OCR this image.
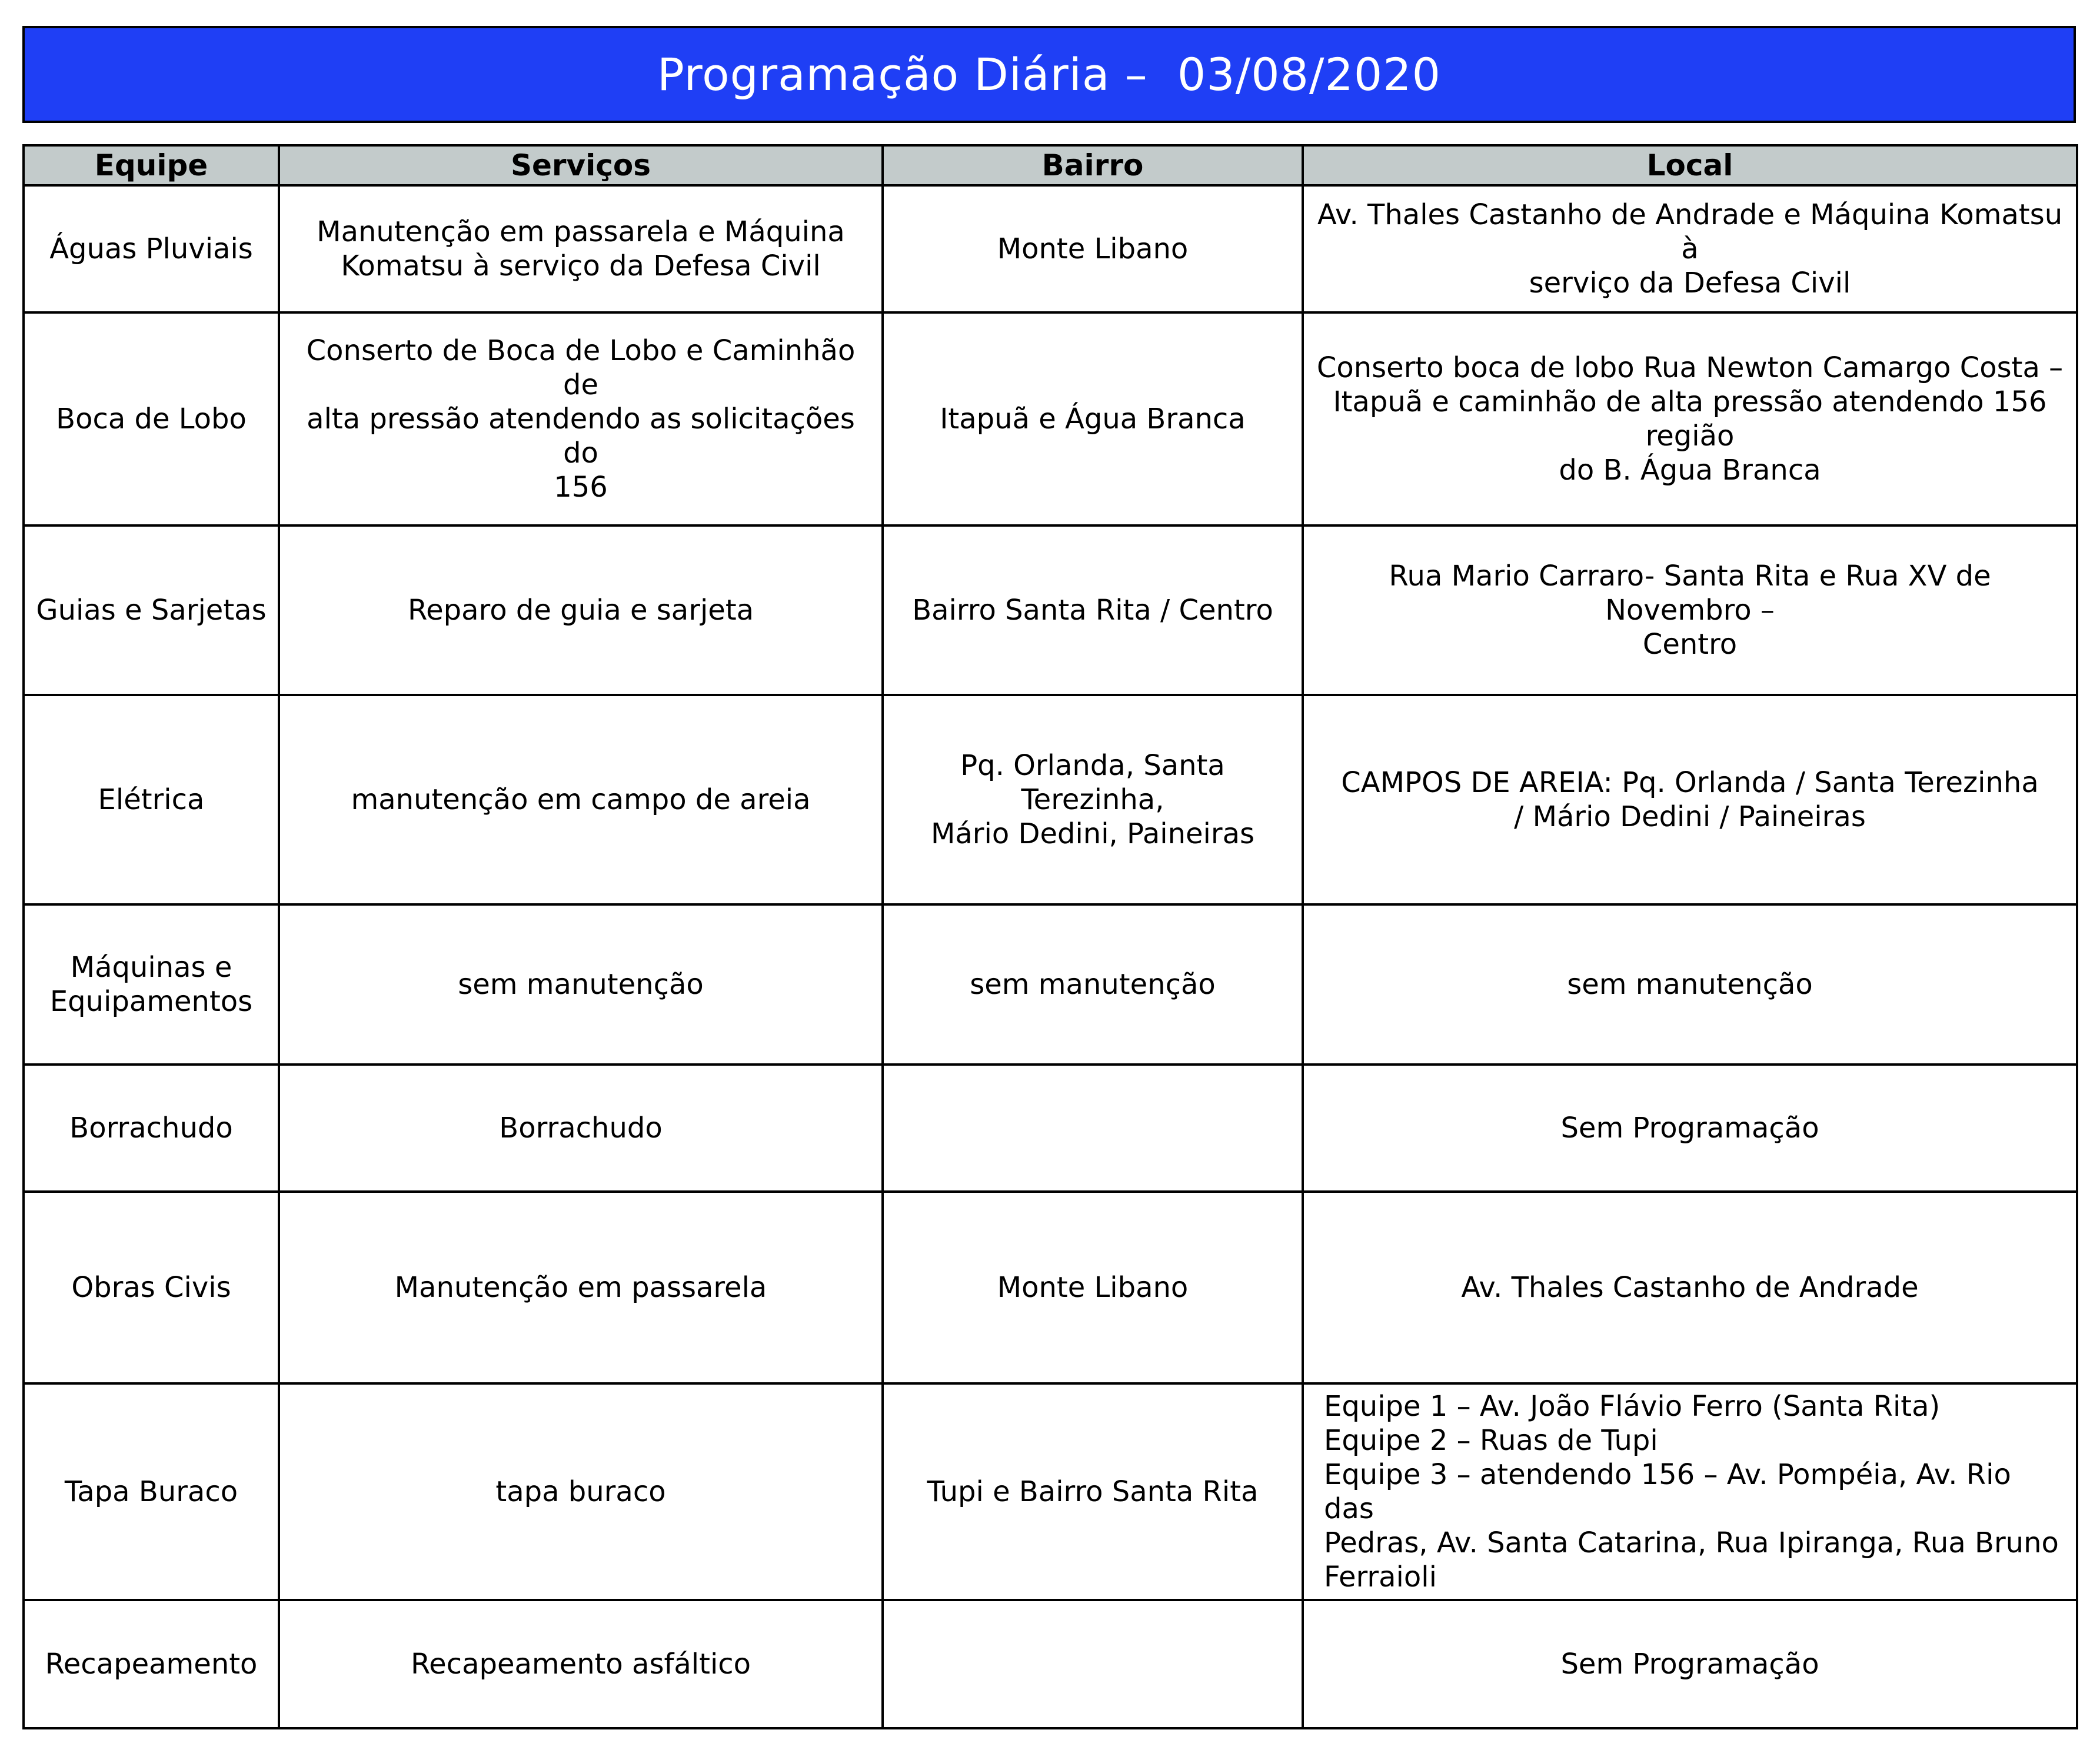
Programação Diária –  03/08/2020
Equipe	Serviços	Bairro	Local
Águas Pluviais	Manutenção em passarela e Máquina
Komatsu à serviço da Defesa Civil	Monte Libano	Av. Thales Castanho de Andrade e Máquina Komatsu à
serviço da Defesa Civil
Boca de Lobo	Conserto de Boca de Lobo e Caminhão de
alta pressão atendendo as solicitações do
156	Itapuã e Água Branca	Conserto boca de lobo Rua Newton Camargo Costa –
Itapuã e caminhão de alta pressão atendendo 156 região
do B. Água Branca
Guias e Sarjetas	Reparo de guia e sarjeta	Bairro Santa Rita / Centro	Rua Mario Carraro- Santa Rita e Rua XV de Novembro –
Centro
Elétrica	manutenção em campo de areia	Pq. Orlanda, Santa Terezinha,
Mário Dedini, Paineiras	CAMPOS DE AREIA: Pq. Orlanda / Santa Terezinha
/ Mário Dedini / Paineiras
Máquinas e
Equipamentos	sem manutenção	sem manutenção	sem manutenção
Borrachudo	Borrachudo		Sem Programação
Obras Civis	Manutenção em passarela	Monte Libano	Av. Thales Castanho de Andrade
Tapa Buraco	tapa buraco	Tupi e Bairro Santa Rita	Equipe 1 – Av. João Flávio Ferro (Santa Rita)
Equipe 2 – Ruas de Tupi
Equipe 3 – atendendo 156 – Av. Pompéia, Av. Rio das
Pedras, Av. Santa Catarina, Rua Ipiranga, Rua Bruno
Ferraioli

Recapeamento	Recapeamento asfáltico		Sem Programação
